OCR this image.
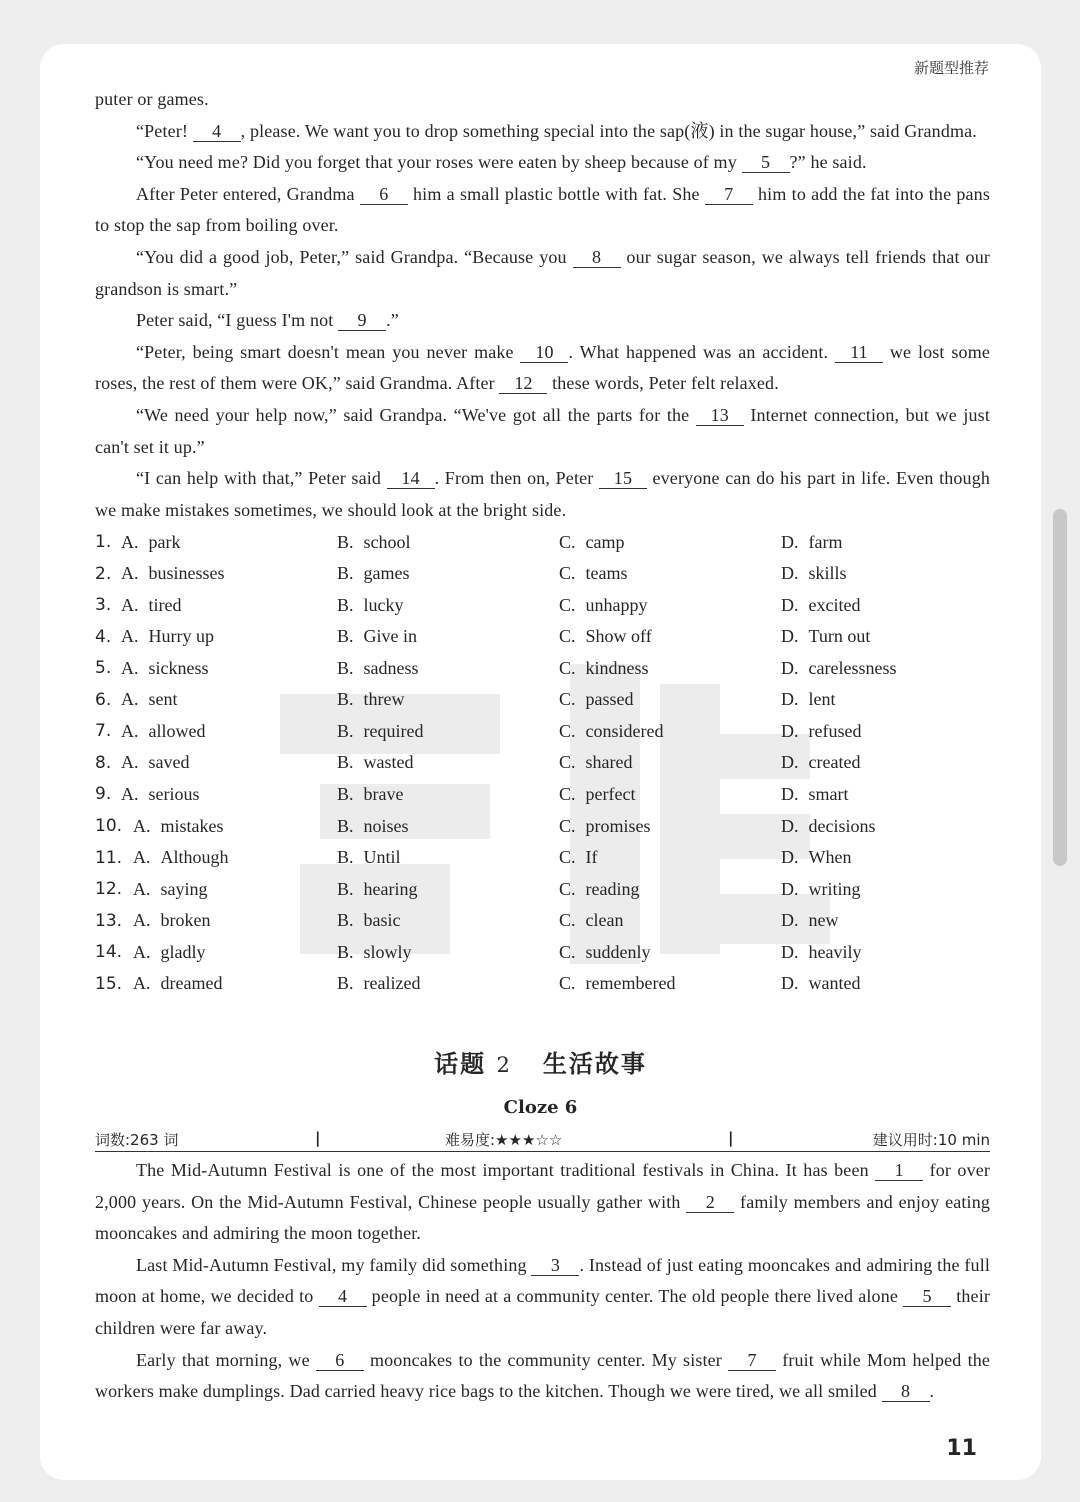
新题型推荐

puter or games.

“Peter! 4 , please. We want you to drop something special into the sap(液) in the sugar house,” said Grandma.

“You need me? Did you forget that your roses were eaten by sheep because of my 5 ?” he said.

After Peter entered, Grandma 6 him a small plastic bottle with fat. She 7 him to add the fat into the pans to stop the sap from boiling over.

“You did a good job, Peter,” said Grandpa. “Because you 8 our sugar season, we always tell friends that our grandson is smart.”

Peter said, “I guess I'm not 9 .”

“Peter, being smart doesn't mean you never make 10 . What happened was an accident. 11 we lost some roses, the rest of them were OK,” said Grandma. After 12 these words, Peter felt relaxed.

“We need your help now,” said Grandpa. “We've got all the parts for the 13 Internet connection, but we just can't set it up.”

“I can help with that,” Peter said 14 . From then on, Peter 15 everyone can do his part in life. Even though we make mistakes sometimes, we should look at the bright side.

1. A. park	B. school	C. camp	D. farm
2. A. businesses	B. games	C. teams	D. skills
3. A. tired	B. lucky	C. unhappy	D. excited
4. A. Hurry up	B. Give in	C. Show off	D. Turn out
5. A. sickness	B. sadness	C. kindness	D. carelessness
6. A. sent	B. threw	C. passed	D. lent
7. A. allowed	B. required	C. considered	D. refused
8. A. saved	B. wasted	C. shared	D. created
9. A. serious	B. brave	C. perfect	D. smart
10. A. mistakes	B. noises	C. promises	D. decisions
11. A. Although	B. Until	C. If	D. When
12. A. saying	B. hearing	C. reading	D. writing
13. A. broken	B. basic	C. clean	D. new
14. A. gladly	B. slowly	C. suddenly	D. heavily
15. A. dreamed	B. realized	C. remembered	D. wanted
话题 2 生活故事
Cloze 6
词数:263 词	|	难易度:★★★☆☆	|	建议用时:10 min

The Mid-Autumn Festival is one of the most important traditional festivals in China. It has been 1 for over 2,000 years. On the Mid-Autumn Festival, Chinese people usually gather with 2 family members and enjoy eating mooncakes and admiring the moon together.

Last Mid-Autumn Festival, my family did something 3 . Instead of just eating mooncakes and admiring the full moon at home, we decided to 4 people in need at a community center. The old people there lived alone 5 their children were far away.

Early that morning, we 6 mooncakes to the community center. My sister 7 fruit while Mom helped the workers make dumplings. Dad carried heavy rice bags to the kitchen. Though we were tired, we all smiled 8 .

11
